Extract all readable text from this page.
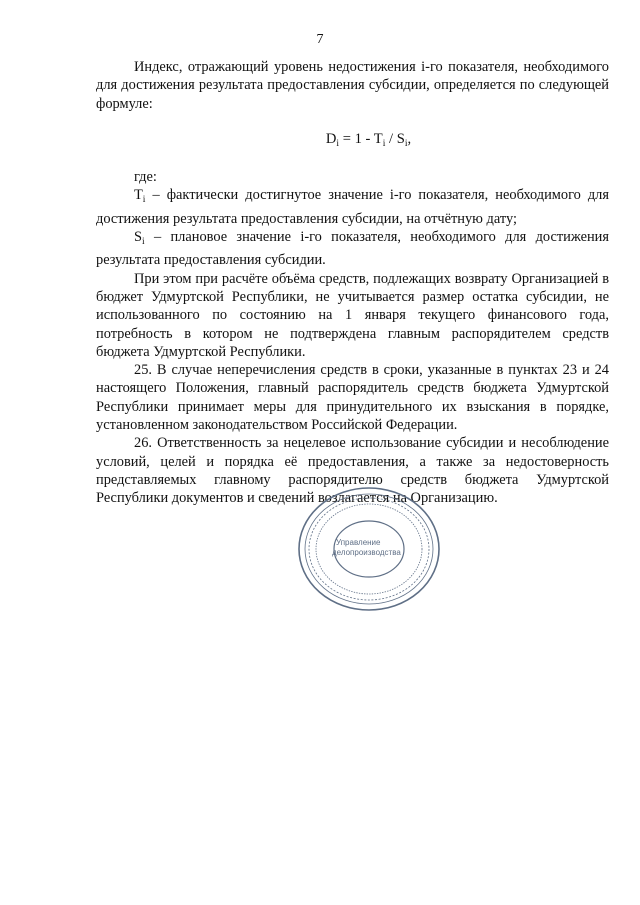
7

Индекс, отражающий уровень недостижения i-го показателя, необходимого для достижения результата предоставления субсидии, определяется по следующей формуле:

$D_i = 1 - T_i / S_i$,

где:

$T_i$ – фактически достигнутое значение i-го показателя, необходимого для достижения результата предоставления субсидии, на отчётную дату;

$S_i$ – плановое значение i-го показателя, необходимого для достижения результата предоставления субсидии.

При этом при расчёте объёма средств, подлежащих возврату Организацией в бюджет Удмуртской Республики, не учитывается размер остатка субсидии, не использованного по состоянию на 1 января текущего финансового года, потребность в котором не подтверждена главным распорядителем средств бюджета Удмуртской Республики.

25. В случае неперечисления средств в сроки, указанные в пунктах 23 и 24 настоящего Положения, главный распорядитель средств бюджета Удмуртской Республики принимает меры для принудительного их взыскания в порядке, установленном законодательством Российской Федерации.

26. Ответственность за нецелевое использование субсидии и несоблюдение условий, целей и порядка её предоставления, а также за недостоверность представляемых главному распорядителю средств бюджета Удмуртской Республики документов и сведений возлагается на Организацию.

Управление
делопроизводства
